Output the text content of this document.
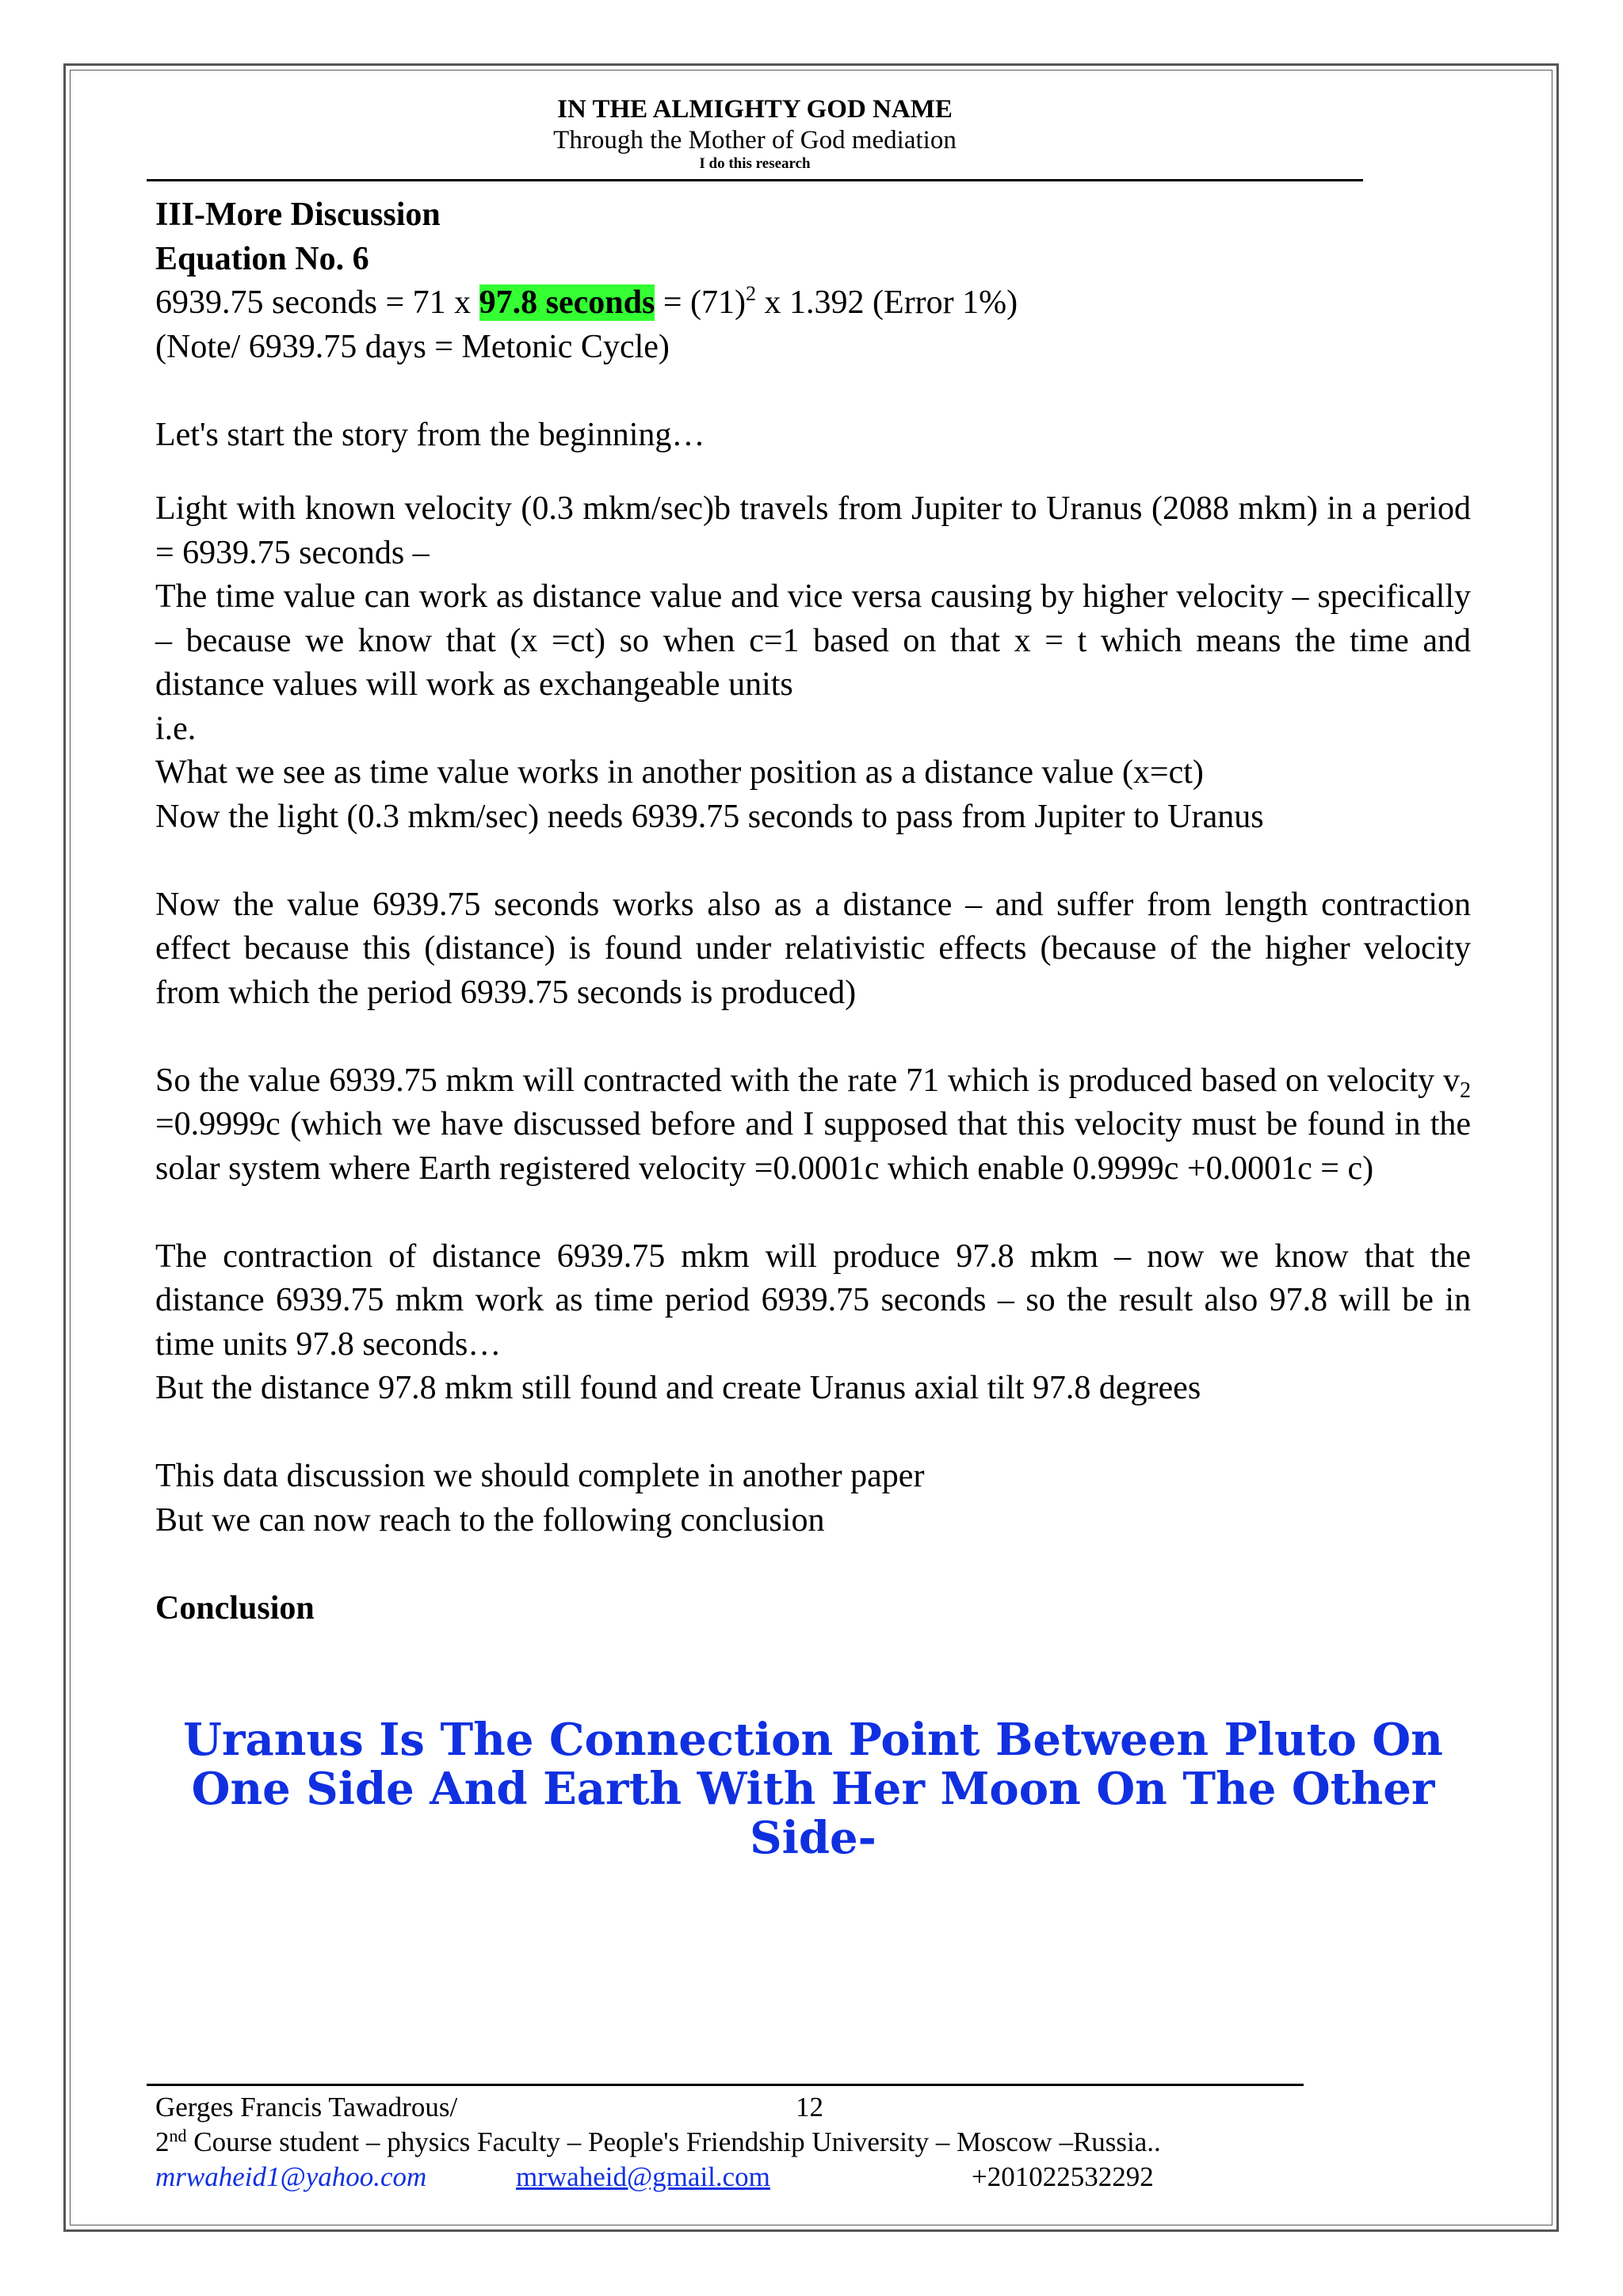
IN THE ALMIGHTY GOD NAME
Through the Mother of God mediation
I do this research

III-More Discussion

Equation No. 6

6939.75 seconds = 71 x 97.8 seconds = $(71)^2$ x 1.392 (Error 1%)

(Note/ 6939.75 days = Metonic Cycle)

Let's start the story from the beginning…

Light with known velocity (0.3 mkm/sec)b travels from Jupiter to Uranus (2088 mkm) in a period = 6939.75 seconds –

The time value can work as distance value and vice versa causing by higher velocity – specifically – because we know that (x =ct) so when c=1 based on that x = t which means the time and distance values will work as exchangeable units

i.e.

What we see as time value works in another position as a distance value (x=ct)

Now the light (0.3 mkm/sec) needs 6939.75 seconds to pass from Jupiter to Uranus

Now the value 6939.75 seconds works also as a distance – and suffer from length contraction effect because this (distance) is found under relativistic effects (because of the higher velocity from which the period 6939.75 seconds is produced)

So the value 6939.75 mkm will contracted with the rate 71 which is produced based on velocity $v_2 =0.9999c$ (which we have discussed before and I supposed that this velocity must be found in the solar system where Earth registered velocity =0.0001c which enable 0.9999c +0.0001c = c)

The contraction of distance 6939.75 mkm will produce 97.8 mkm – now we know that the distance 6939.75 mkm work as time period 6939.75 seconds – so the result also 97.8 will be in time units 97.8 seconds…

But the distance 97.8 mkm still found and create Uranus axial tilt 97.8 degrees

This data discussion we should complete in another paper

But we can now reach to the following conclusion

Conclusion

Uranus Is The Connection Point Between Pluto On One Side And Earth With Her Moon On The Other Side-
Gerges Francis Tawadrous/	12
2nd Course student – physics Faculty – People's Friendship University – Moscow –Russia..
mrwaheid1@yahoo.com	mrwaheid@gmail.com	+201022532292
